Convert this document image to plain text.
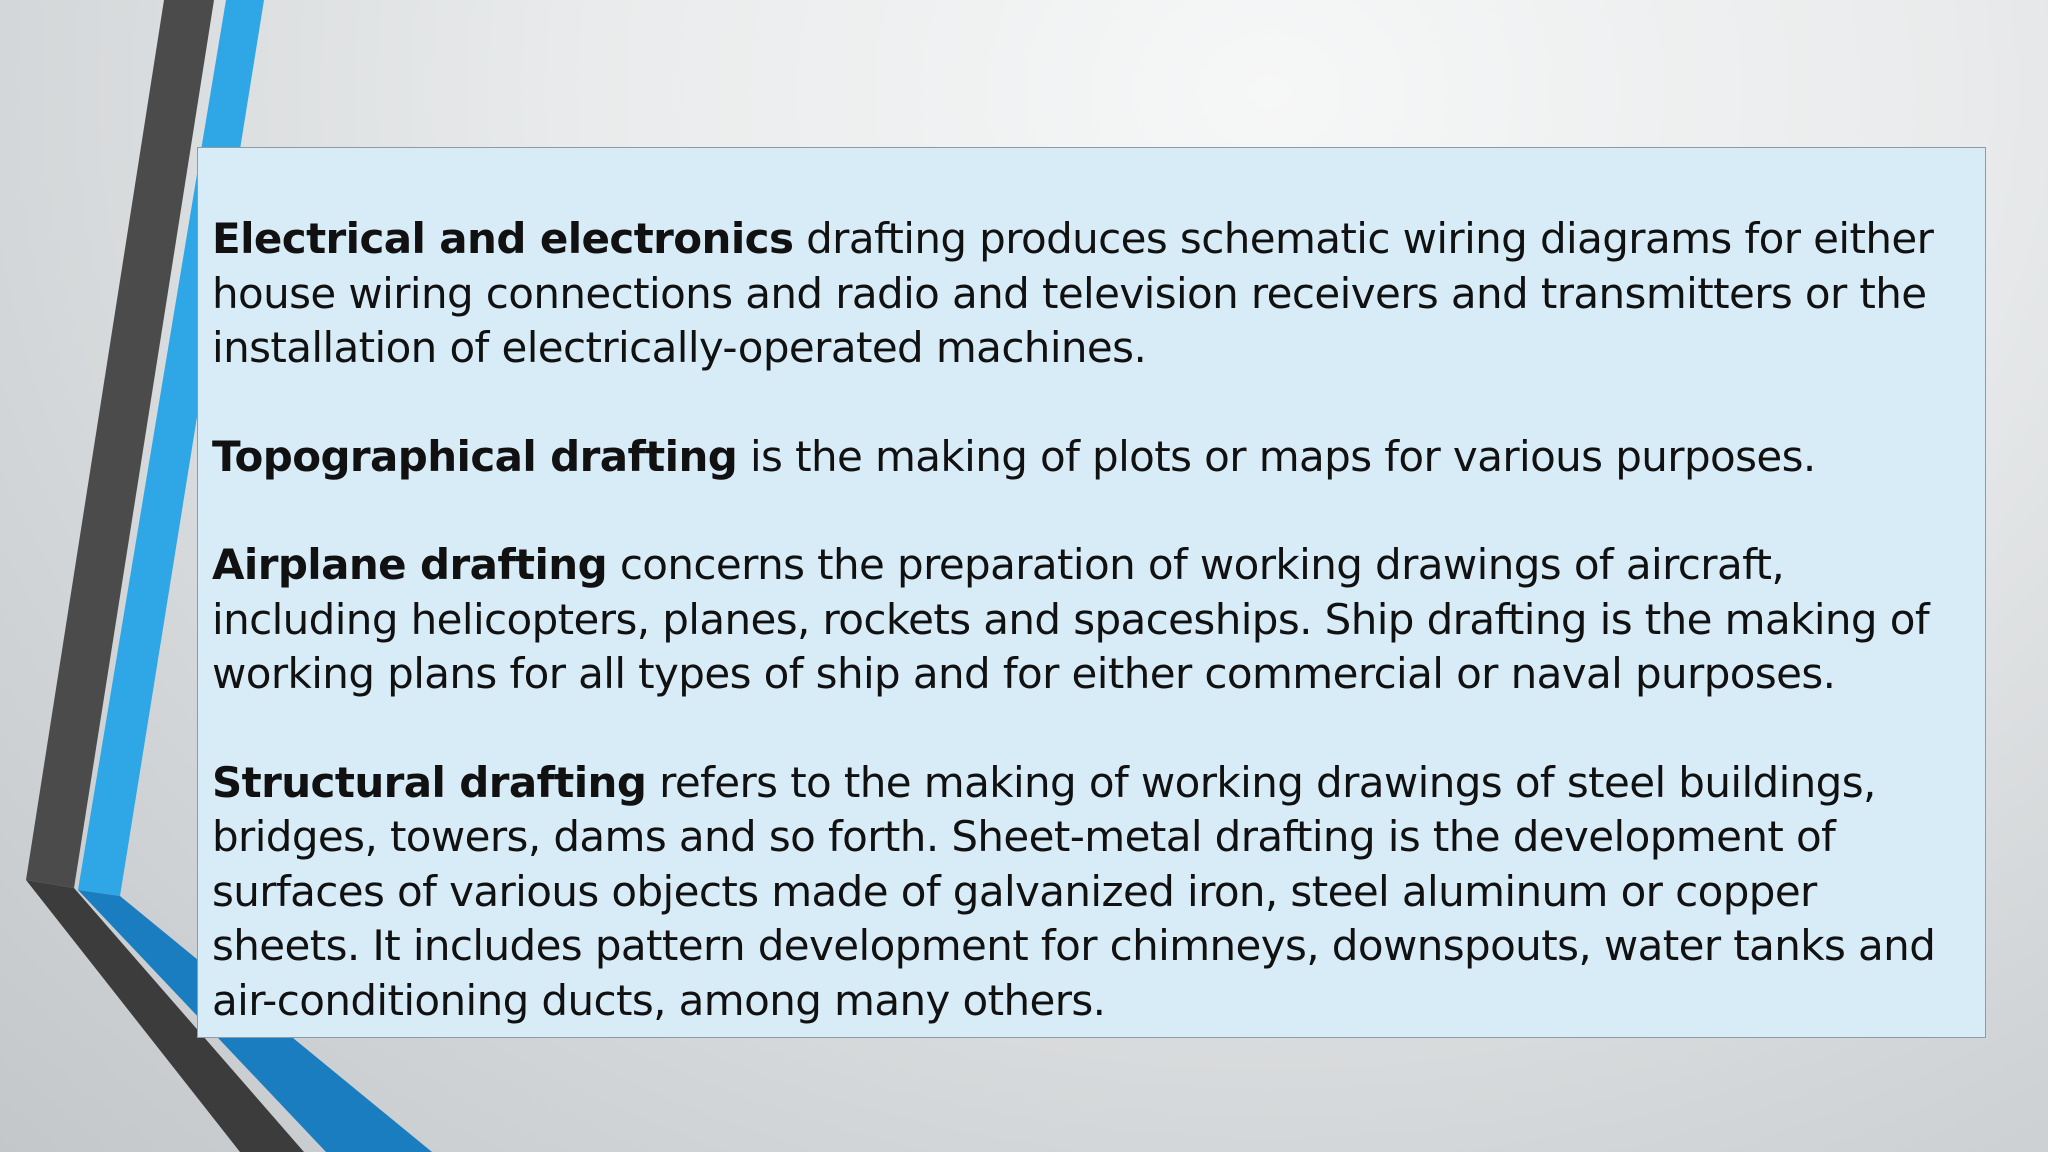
Electrical and electronics drafting produces schematic wiring diagrams for either house wiring connections and radio and television receivers and transmitters or the installation of electrically-operated machines.

Topographical drafting is the making of plots or maps for various purposes.

Airplane drafting concerns the preparation of working drawings of aircraft, including helicopters, planes, rockets and spaceships. Ship drafting is the making of working plans for all types of ship and for either commercial or naval purposes.

Structural drafting refers to the making of working drawings of steel buildings, bridges, towers, dams and so forth. Sheet-metal drafting is the development of surfaces of various objects made of galvanized iron, steel aluminum or copper sheets. It includes pattern development for chimneys, downspouts, water tanks and air-conditioning ducts, among many others.
